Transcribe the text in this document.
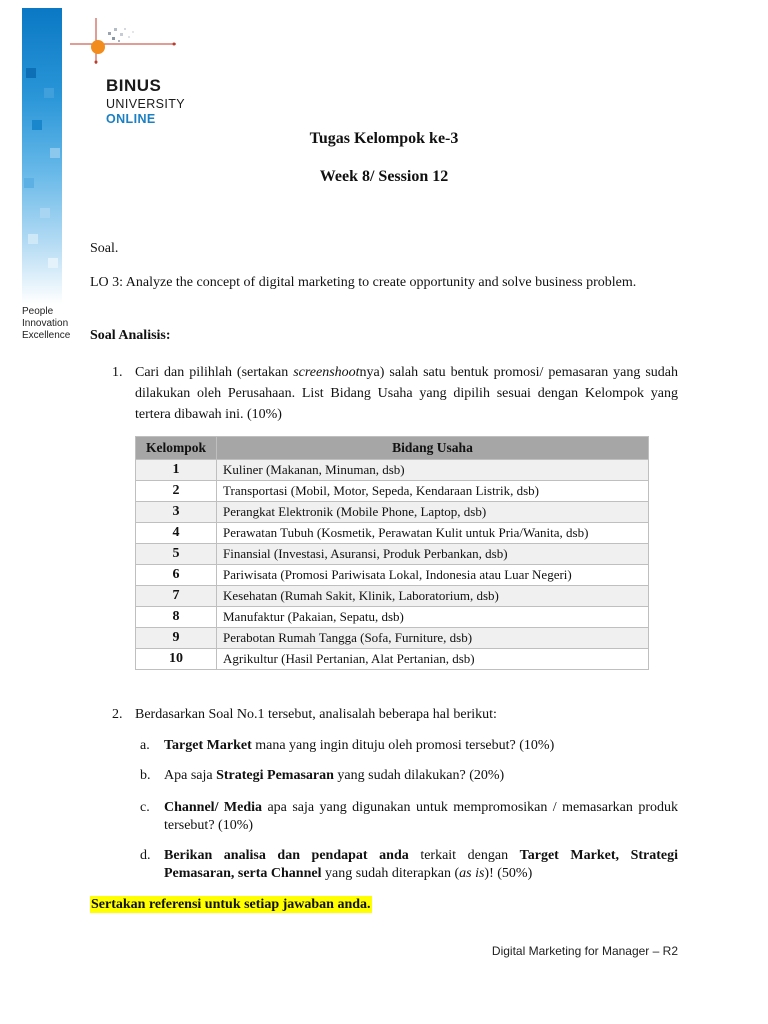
People
Innovation
Excellence
BINUS
UNIVERSITY
ONLINE
Tugas Kelompok ke-3
Week 8/ Session 12
Soal.
LO 3: Analyze the concept of digital marketing to create opportunity and solve business problem.
Soal Analisis:
1. Cari dan pilihlah (sertakan screenshootnya) salah satu bentuk promosi/ pemasaran yang sudah dilakukan oleh Perusahaan. List Bidang Usaha yang dipilih sesuai dengan Kelompok yang tertera dibawah ini. (10%)
Kelompok	Bidang Usaha
1	Kuliner (Makanan, Minuman, dsb)
2	Transportasi (Mobil, Motor, Sepeda, Kendaraan Listrik, dsb)
3	Perangkat Elektronik (Mobile Phone, Laptop, dsb)
4	Perawatan Tubuh (Kosmetik, Perawatan Kulit untuk Pria/Wanita, dsb)
5	Finansial (Investasi, Asuransi, Produk Perbankan, dsb)
6	Pariwisata (Promosi Pariwisata Lokal, Indonesia atau Luar Negeri)
7	Kesehatan (Rumah Sakit, Klinik, Laboratorium, dsb)
8	Manufaktur (Pakaian, Sepatu, dsb)
9	Perabotan Rumah Tangga (Sofa, Furniture, dsb)
10	Agrikultur (Hasil Pertanian, Alat Pertanian, dsb)
2. Berdasarkan Soal No.1 tersebut, analisalah beberapa hal berikut:
a. Target Market mana yang ingin dituju oleh promosi tersebut? (10%)
b. Apa saja Strategi Pemasaran yang sudah dilakukan? (20%)
c. Channel/ Media apa saja yang digunakan untuk mempromosikan / memasarkan produk tersebut? (10%)
d. Berikan analisa dan pendapat anda terkait dengan Target Market, Strategi Pemasaran, serta Channel yang sudah diterapkan (as is)! (50%)
Sertakan referensi untuk setiap jawaban anda.
Digital Marketing for Manager – R2
